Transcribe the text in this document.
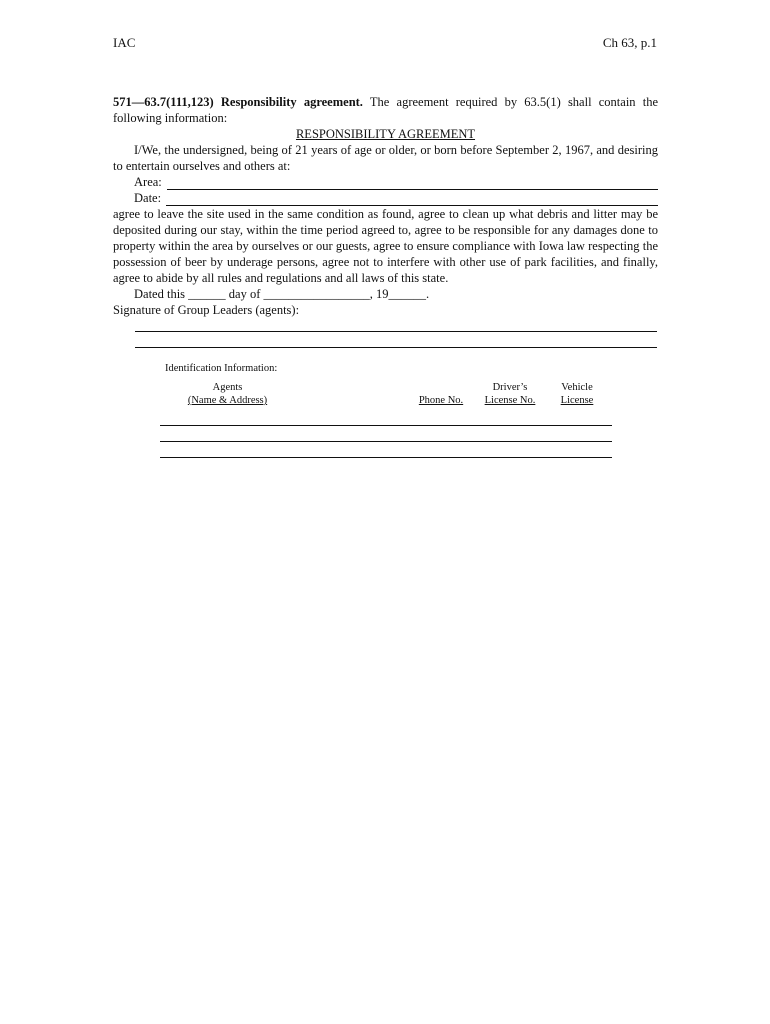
IAC	Ch 63, p.1

571—63.7(111,123) Responsibility agreement. The agreement required by 63.5(1) shall contain the following information:

RESPONSIBILITY AGREEMENT

I/We, the undersigned, being of 21 years of age or older, or born before September 2, 1967, and desiring to entertain ourselves and others at:

Area:
Date:

agree to leave the site used in the same condition as found, agree to clean up what debris and litter may be deposited during our stay, within the time period agreed to, agree to be responsible for any damages done to property within the area by ourselves or our guests, agree to ensure compliance with Iowa law respecting the possession of beer by underage persons, agree not to interfere with other use of park facilities, and finally, agree to abide by all rules and regulations and all laws of this state.

Dated this ______ day of _________________, 19______.

Signature of Group Leaders (agents):

Identification Information:
Agents
(Name & Address)	Phone No.
Driver’s
License No.
Vehicle
License
